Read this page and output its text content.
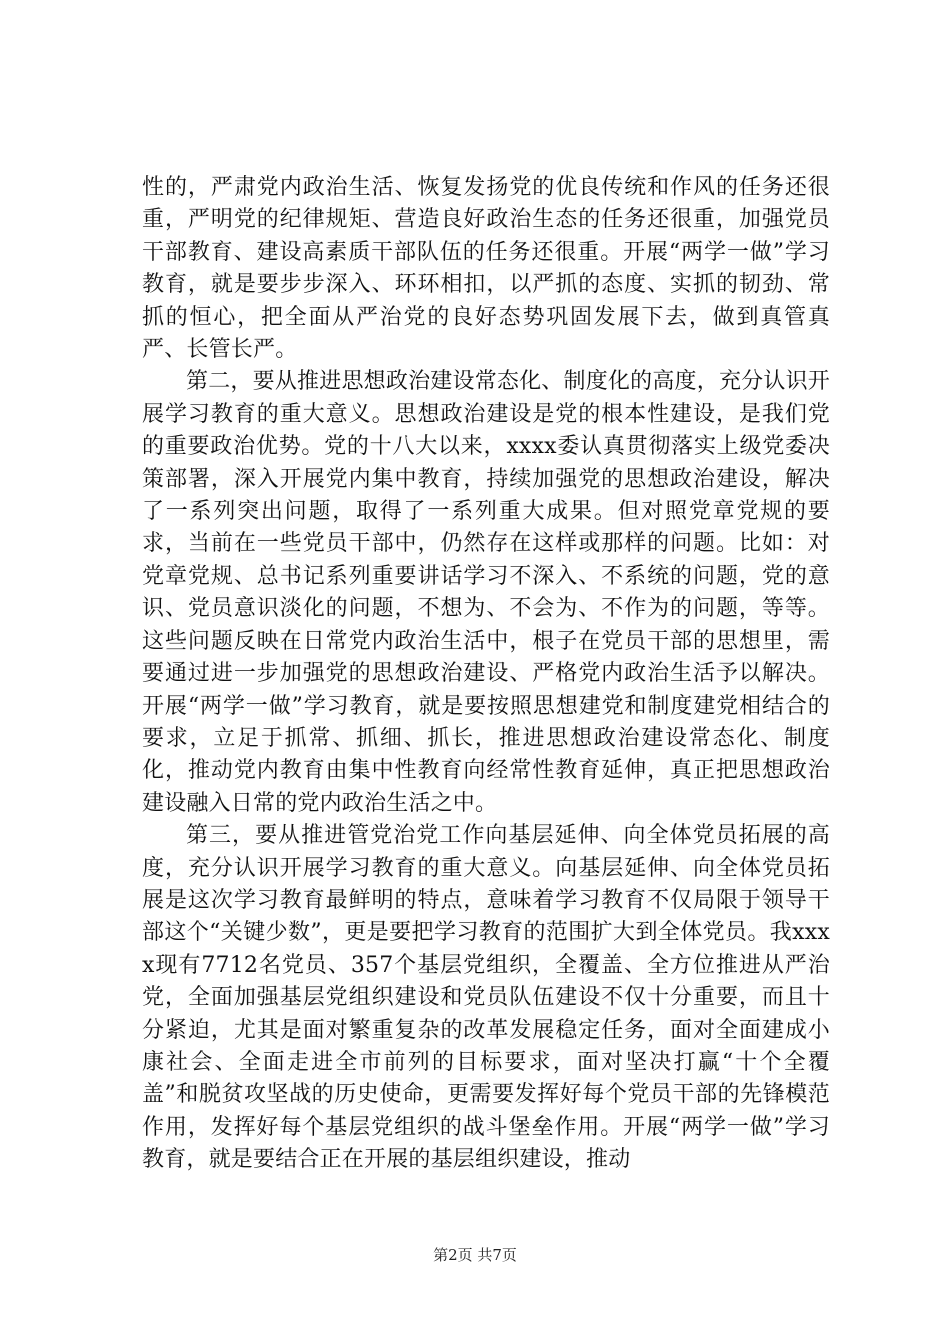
性的，严肃党内政治生活、恢复发扬党的优良传统和作风的任务还很重，严明党的纪律规矩、营造良好政治生态的任务还很重，加强党员干部教育、建设高素质干部队伍的任务还很重。开展“两学一做”学习教育，就是要步步深入、环环相扣，以严抓的态度、实抓的韧劲、常抓的恒心，把全面从严治党的良好态势巩固发展下去，做到真管真严、长管长严。

第二，要从推进思想政治建设常态化、制度化的高度，充分认识开展学习教育的重大意义。思想政治建设是党的根本性建设，是我们党的重要政治优势。党的十八大以来，xxxx委认真贯彻落实上级党委决策部署，深入开展党内集中教育，持续加强党的思想政治建设，解决了一系列突出问题，取得了一系列重大成果。但对照党章党规的要求，当前在一些党员干部中，仍然存在这样或那样的问题。比如：对党章党规、总书记系列重要讲话学习不深入、不系统的问题，党的意识、党员意识淡化的问题，不想为、不会为、不作为的问题，等等。这些问题反映在日常党内政治生活中，根子在党员干部的思想里，需要通过进一步加强党的思想政治建设、严格党内政治生活予以解决。开展“两学一做”学习教育，就是要按照思想建党和制度建党相结合的要求，立足于抓常、抓细、抓长，推进思想政治建设常态化、制度化，推动党内教育由集中性教育向经常性教育延伸，真正把思想政治建设融入日常的党内政治生活之中。

第三，要从推进管党治党工作向基层延伸、向全体党员拓展的高度，充分认识开展学习教育的重大意义。向基层延伸、向全体党员拓展是这次学习教育最鲜明的特点，意味着学习教育不仅局限于领导干部这个“关键少数”，更是要把学习教育的范围扩大到全体党员。我xxxx现有7712名党员、357个基层党组织，全覆盖、全方位推进从严治党，全面加强基层党组织建设和党员队伍建设不仅十分重要，而且十分紧迫，尤其是面对繁重复杂的改革发展稳定任务，面对全面建成小康社会、全面走进全市前列的目标要求，面对坚决打赢“十个全覆盖”和脱贫攻坚战的历史使命，更需要发挥好每个党员干部的先锋模范作用，发挥好每个基层党组织的战斗堡垒作用。开展“两学一做”学习教育，就是要结合正在开展的基层组织建设，推动

第2页 共7页
